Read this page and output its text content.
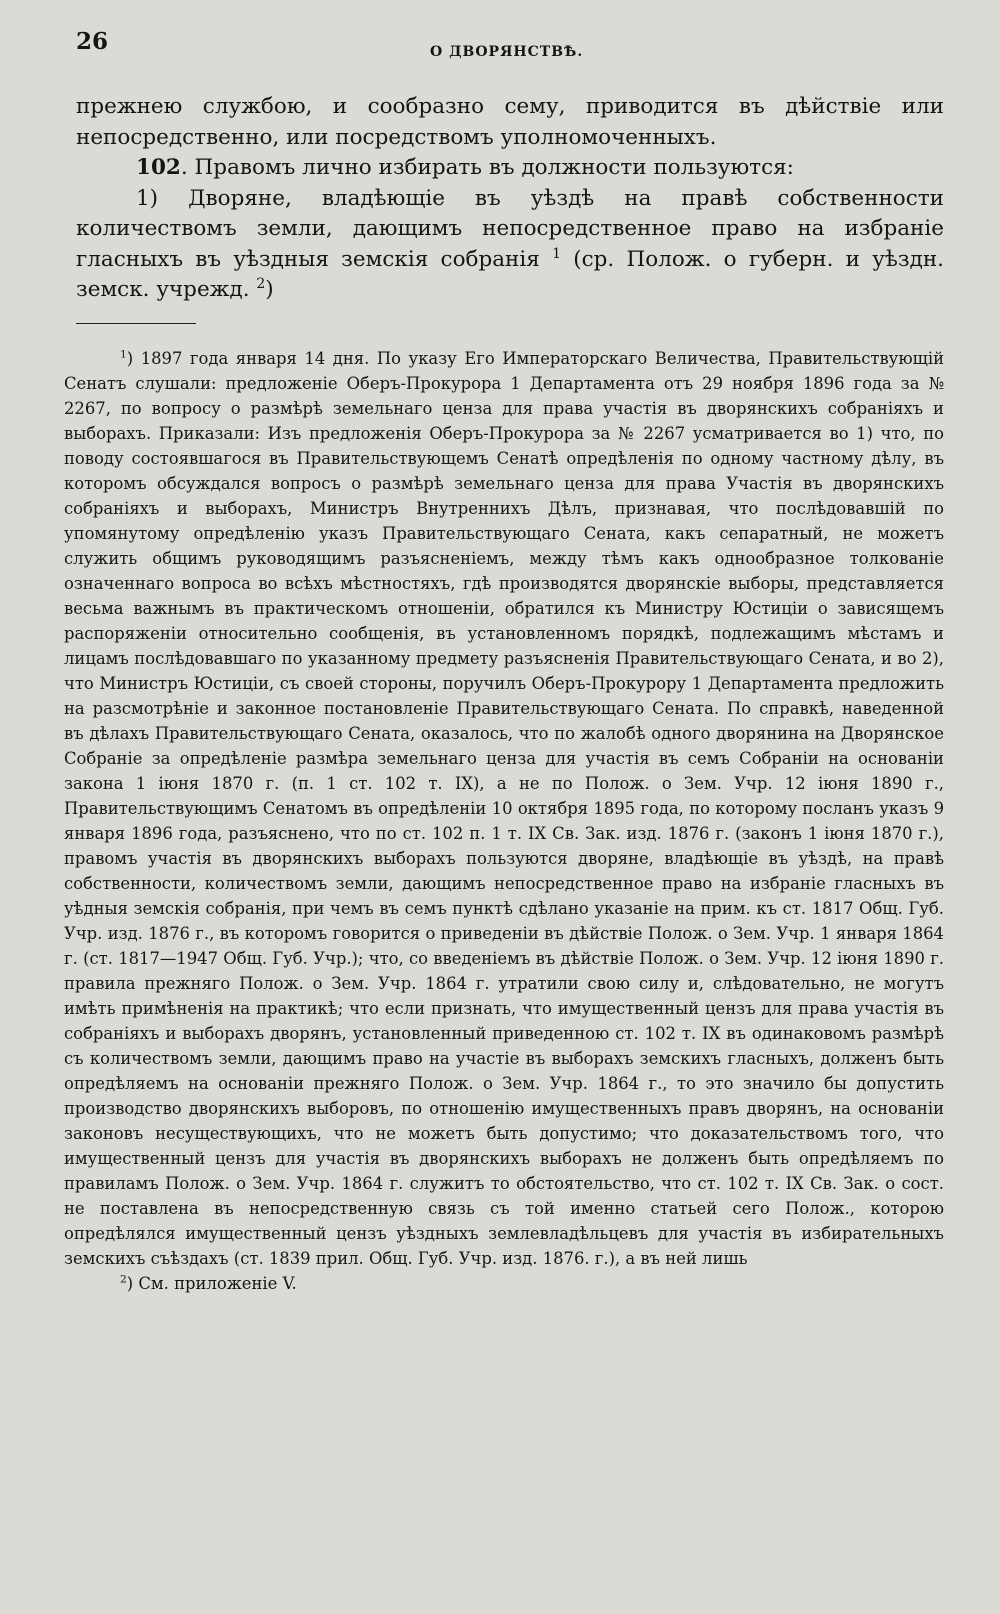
26	О ДВОРЯНСТВѢ.

прежнею службою, и сообразно сему, приводится въ дѣйствіе или непосредственно, или посредствомъ уполномоченныхъ.

102. Правомъ лично избирать въ должности пользуются:

1) Дворяне, владѣющіе въ уѣздѣ на правѣ собственности количествомъ земли, дающимъ непосредственное право на избраніе гласныхъ въ уѣздныя земскія собранія $^1$ (ср. Полож. о губерн. и уѣздн. земск. учрежд. $^2$)

$^1$) 1897 года января 14 дня. По указу Его Императорскаго Величества, Правительствующій Сенатъ слушали: предложеніе Оберъ-Прокурора 1 Департамента отъ 29 ноября 1896 года за № 2267, по вопросу о размѣрѣ земельнаго ценза для права участія въ дворянскихъ собраніяхъ и выборахъ. Приказали: Изъ предложенія Оберъ-Прокурора за № 2267 усматривается во 1) что, по поводу состоявшагося въ Правительствующемъ Сенатѣ опредѣленія по одному частному дѣлу, въ которомъ обсуждался вопросъ о размѣрѣ земельнаго ценза для права Участія въ дворянскихъ собраніяхъ и выборахъ, Министръ Внутреннихъ Дѣлъ, признавая, что послѣдовавшій по упомянутому опредѣленію указъ Правительствующаго Сената, какъ сепаратный, не можетъ служить общимъ руководящимъ разъясненіемъ, между тѣмъ какъ однообразное толкованіе означеннаго вопроса во всѣхъ мѣстностяхъ, гдѣ производятся дворянскіе выборы, представляется весьма важнымъ въ практическомъ отношеніи, обратился къ Министру Юстиціи о зависящемъ распоряженіи относительно сообщенія, въ установленномъ порядкѣ, подлежащимъ мѣстамъ и лицамъ послѣдовавшаго по указанному предмету разъясненія Правительствующаго Сената, и во 2), что Министръ Юстиціи, съ своей стороны, поручилъ Оберъ-Прокурору 1 Департамента предложить на разсмотрѣніе и законное постановленіе Правительствующаго Сената. По справкѣ, наведенной въ дѣлахъ Правительствующаго Сената, оказалось, что по жалобѣ одного дворянина на Дворянское Собраніе за опредѣленіе размѣра земельнаго ценза для участія въ семъ Собраніи на основаніи закона 1 іюня 1870 г. (п. 1 ст. 102 т. IX), а не по Полож. о Зем. Учр. 12 іюня 1890 г., Правительствующимъ Сенатомъ въ опредѣленіи 10 октября 1895 года, по которому посланъ указъ 9 января 1896 года, разъяснено, что по ст. 102 п. 1 т. IX Св. Зак. изд. 1876 г. (законъ 1 іюня 1870 г.), правомъ участія въ дворянскихъ выборахъ пользуются дворяне, владѣющіе въ уѣздѣ, на правѣ собственности, количествомъ земли, дающимъ непосредственное право на избраніе гласныхъ въ уѣдныя земскія собранія, при чемъ въ семъ пунктѣ сдѣлано указаніе на прим. къ ст. 1817 Общ. Губ. Учр. изд. 1876 г., въ которомъ говорится о приведеніи въ дѣйствіе Полож. о Зем. Учр. 1 января 1864 г. (ст. 1817—1947 Общ. Губ. Учр.); что, со введеніемъ въ дѣйствіе Полож. о Зем. Учр. 12 іюня 1890 г. правила прежняго Полож. о Зем. Учр. 1864 г. утратили свою силу и, слѣдовательно, не могутъ имѣть примѣненія на практикѣ; что если признать, что имущественный цензъ для права участія въ собраніяхъ и выборахъ дворянъ, установленный приведенною ст. 102 т. IX въ одинаковомъ размѣрѣ съ количествомъ земли, дающимъ право на участіе въ выборахъ земскихъ гласныхъ, долженъ быть опредѣляемъ на основаніи прежняго Полож. о Зем. Учр. 1864 г., то это значило бы допустить производство дворянскихъ выборовъ, по отношенію имущественныхъ правъ дворянъ, на основаніи законовъ несуществующихъ, что не можетъ быть допустимо; что доказательствомъ того, что имущественный цензъ для участія въ дворянскихъ выборахъ не долженъ быть опредѣляемъ по правиламъ Полож. о Зем. Учр. 1864 г. служитъ то обстоятельство, что ст. 102 т. IX Св. Зак. о сост. не поставлена въ непосредственную связь съ той именно статьей сего Полож., которою опредѣлялся имущественный цензъ уѣздныхъ землевладѣльцевъ для участія въ избирательныхъ земскихъ съѣздахъ (ст. 1839 прил. Общ. Губ. Учр. изд. 1876. г.), а въ ней лишь

$^2$) См. приложеніе V.
